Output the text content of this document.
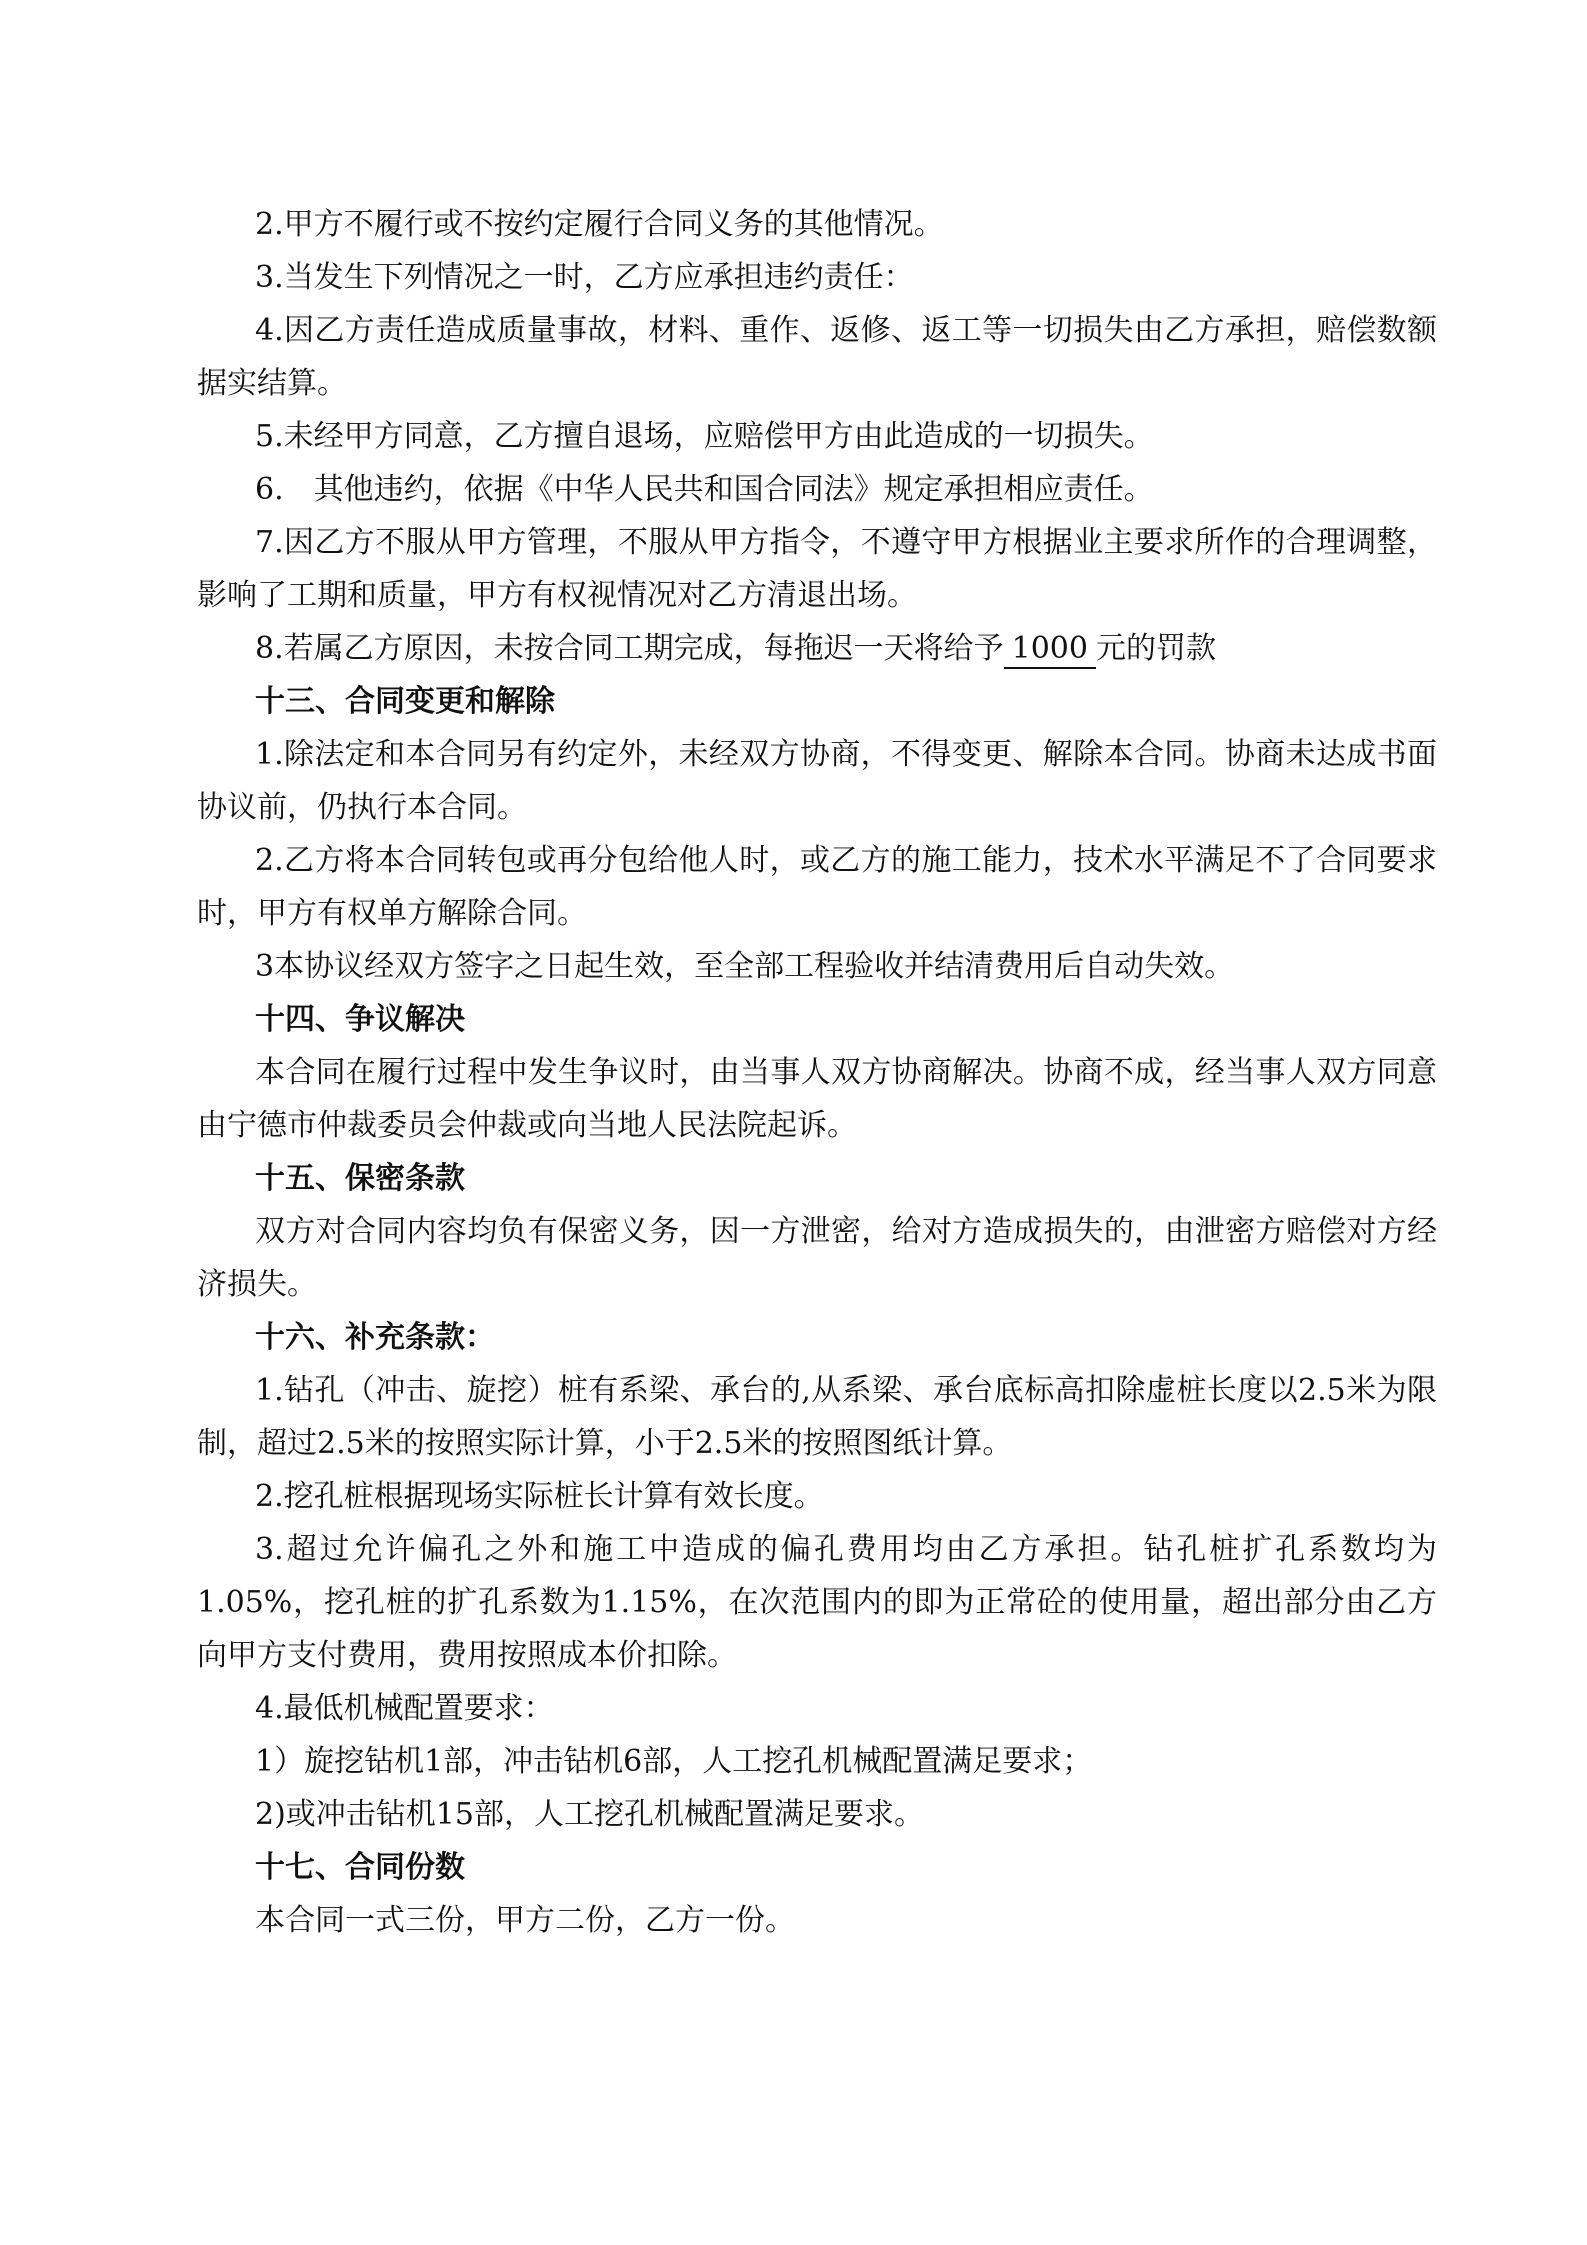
2.甲方不履行或不按约定履行合同义务的其他情况。

3.当发生下列情况之一时，乙方应承担违约责任：

4.因乙方责任造成质量事故，材料、重作、返修、返工等一切损失由乙方承担，赔偿数额据实结算。

5.未经甲方同意，乙方擅自退场，应赔偿甲方由此造成的一切损失。

6.　其他违约，依据《中华人民共和国合同法》规定承担相应责任。

7.因乙方不服从甲方管理，不服从甲方指令，不遵守甲方根据业主要求所作的合理调整，影响了工期和质量，甲方有权视情况对乙方清退出场。

8.若属乙方原因，未按合同工期完成，每拖迟一天将给予 1000 元的罚款

十三、合同变更和解除

1.除法定和本合同另有约定外，未经双方协商，不得变更、解除本合同。协商未达成书面协议前，仍执行本合同。

2.乙方将本合同转包或再分包给他人时，或乙方的施工能力，技术水平满足不了合同要求时，甲方有权单方解除合同。

3本协议经双方签字之日起生效，至全部工程验收并结清费用后自动失效。

十四、争议解决

本合同在履行过程中发生争议时，由当事人双方协商解决。协商不成，经当事人双方同意由宁德市仲裁委员会仲裁或向当地人民法院起诉。

十五、保密条款

双方对合同内容均负有保密义务，因一方泄密，给对方造成损失的，由泄密方赔偿对方经济损失。

十六、补充条款：

1.钻孔（冲击、旋挖）桩有系梁、承台的,从系梁、承台底标高扣除虚桩长度以2.5米为限制，超过2.5米的按照实际计算，小于2.5米的按照图纸计算。

2.挖孔桩根据现场实际桩长计算有效长度。

3.超过允许偏孔之外和施工中造成的偏孔费用均由乙方承担。钻孔桩扩孔系数均为1.05%，挖孔桩的扩孔系数为1.15%，在次范围内的即为正常砼的使用量，超出部分由乙方向甲方支付费用，费用按照成本价扣除。

4.最低机械配置要求：

1）旋挖钻机1部，冲击钻机6部，人工挖孔机械配置满足要求；

2)或冲击钻机15部，人工挖孔机械配置满足要求。

十七、合同份数

本合同一式三份，甲方二份，乙方一份。
